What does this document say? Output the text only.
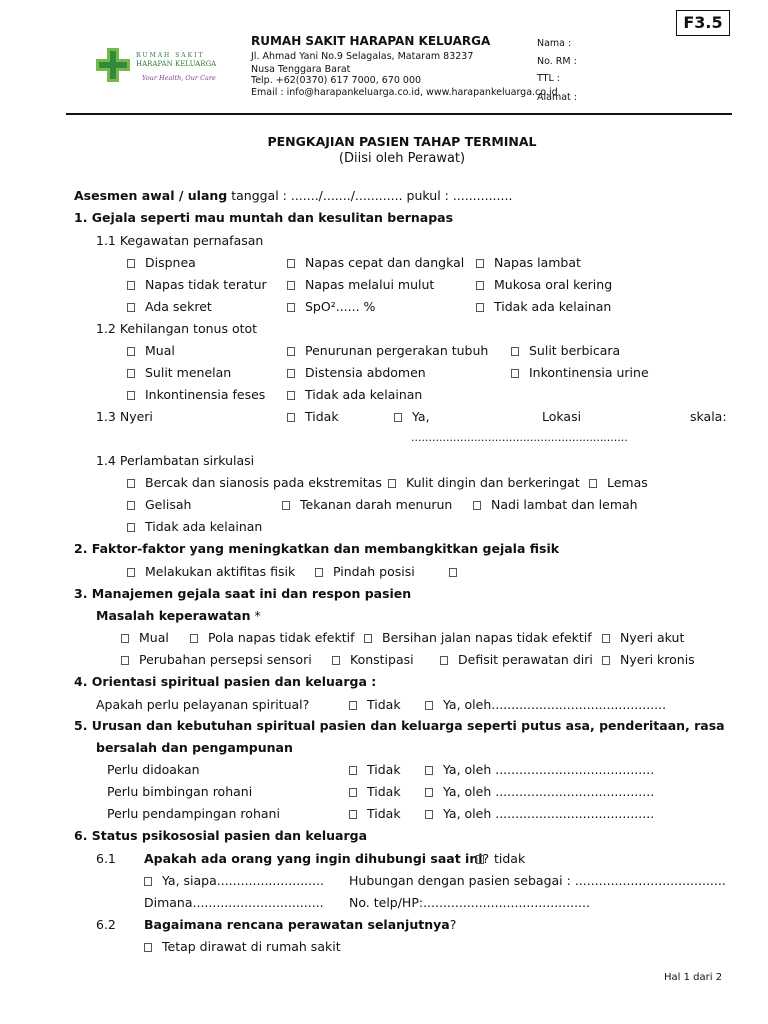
F3.5
RUMAH SAKIT
HARAPAN KELUARGA
Your Health, Our Care
RUMAH SAKIT HARAPAN KELUARGA
Jl. Ahmad Yani No.9 Selagalas, Mataram 83237
Nusa Tenggara Barat
Telp. +62(0370) 617 7000, 670 000
Email : info@harapankeluarga.co.id, www.harapankeluarga.co.id
Nama :
No. RM :
TTL :
Alamat :
PENGKAJIAN PASIEN TAHAP TERMINAL
(Diisi oleh Perawat)
Asesmen awal / ulang tanggal : ......./......./............ pukul : ...............
1. Gejala seperti mau muntah dan kesulitan bernapas
1.1 Kegawatan pernafasan
Dispnea	Napas cepat dan dangkal	Napas lambat
Napas tidak teratur	Napas melalui mulut	Mukosa oral kering
Ada sekret	SpO²...... %	Tidak ada kelainan
1.2 Kehilangan tonus otot
Mual	Penurunan pergerakan tubuh	Sulit berbicara
Sulit menelan	Distensia abdomen	Inkontinensia urine
Inkontinensia feses	Tidak ada kelainan
1.3 Nyeri	Tidak	Ya,	Lokasi	skala:
..............................................................
1.4 Perlambatan sirkulasi
Bercak dan sianosis pada ekstremitas	Kulit dingin dan berkeringat	Lemas
Gelisah	Tekanan darah menurun	Nadi lambat dan lemah
Tidak ada kelainan
2. Faktor-faktor yang meningkatkan dan membangkitkan gejala fisik
Melakukan aktifitas fisik	Pindah posisi
3. Manajemen gejala saat ini dan respon pasien
Masalah keperawatan *
Mual	Pola napas tidak efektif	Bersihan jalan napas tidak efektif	Nyeri akut
Perubahan persepsi sensori	Konstipasi	Defisit perawatan diri	Nyeri kronis
4. Orientasi spiritual pasien dan keluarga :
Apakah perlu pelayanan spiritual?	Tidak	Ya, oleh............................................
5. Urusan dan kebutuhan spiritual pasien dan keluarga seperti putus asa, penderitaan, rasa
bersalah dan pengampunan
Perlu didoakan	Tidak	Ya, oleh ........................................
Perlu bimbingan rohani	Tidak	Ya, oleh ........................................
Perlu pendampingan rohani	Tidak	Ya, oleh ........................................
6. Status psikososial pasien dan keluarga
6.1 Apakah ada orang yang ingin dihubungi saat ini? tidak
Ya, siapa........................... Hubungan dengan pasien sebagai : ......................................
Dimana................................. No. telp/HP:..........................................
6.2 Bagaimana rencana perawatan selanjutnya?
Tetap dirawat di rumah sakit
Hal 1 dari 2
